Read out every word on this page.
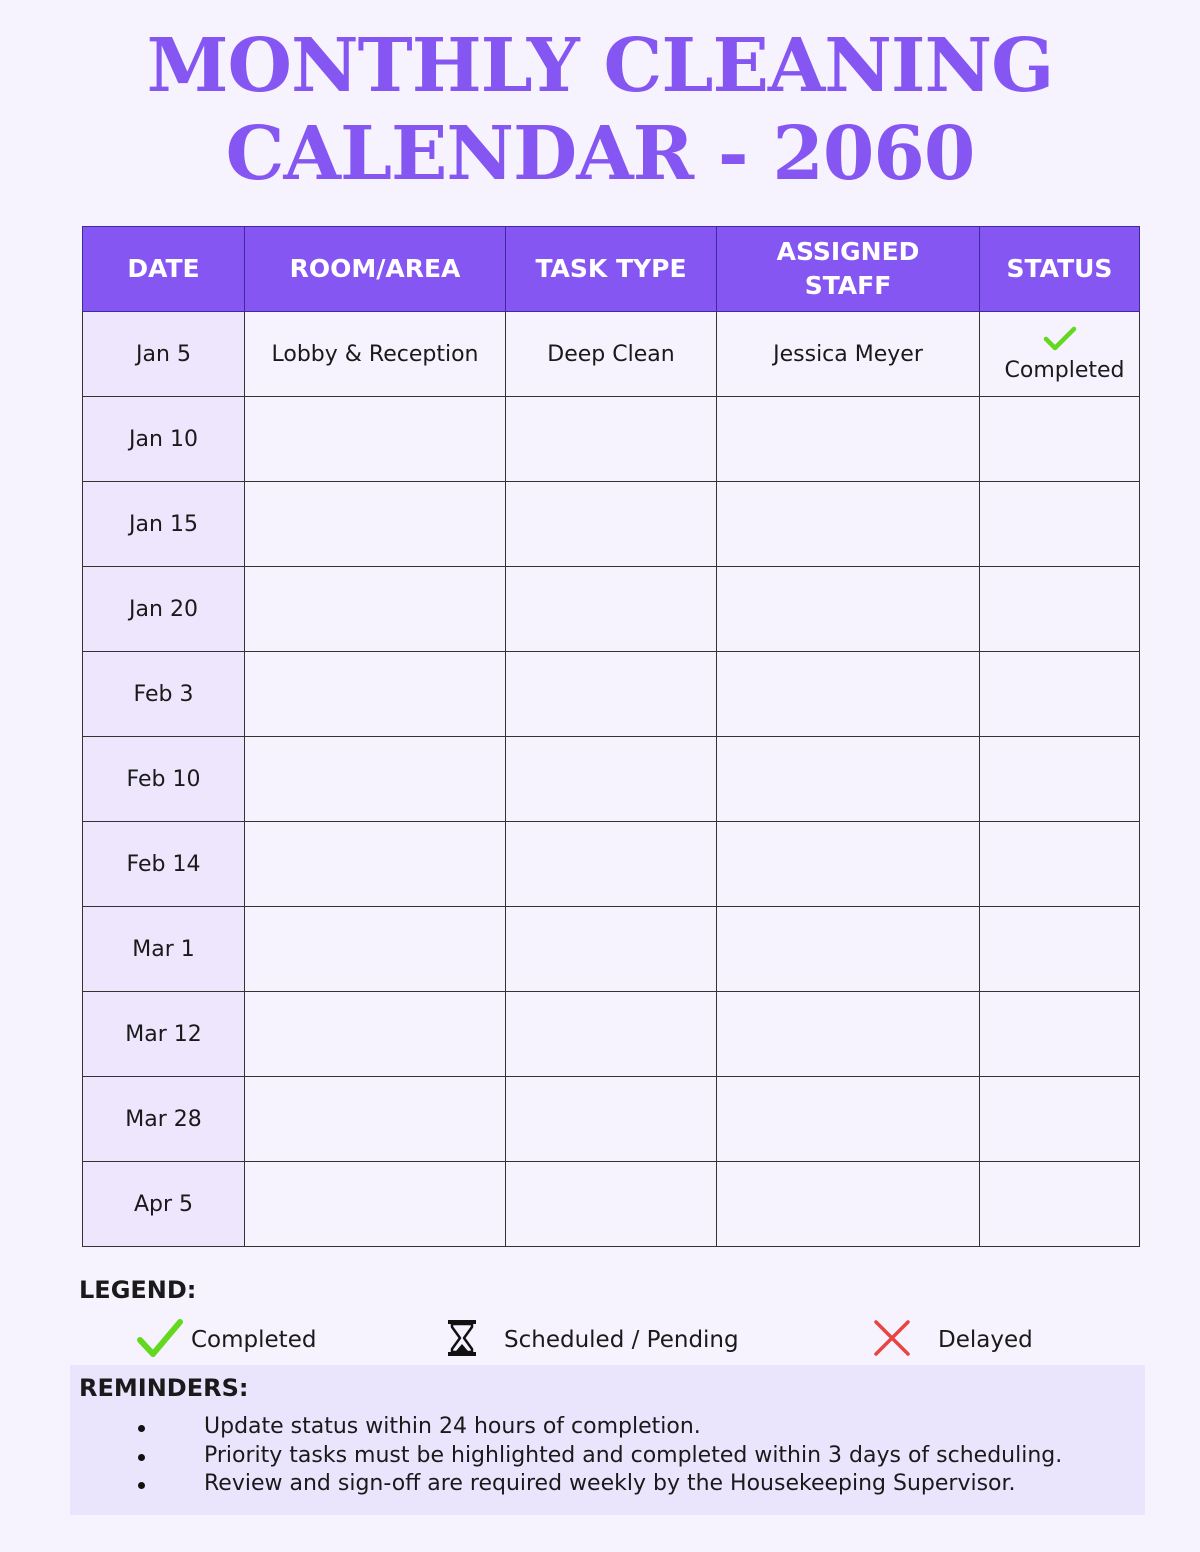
MONTHLY CLEANING
CALENDAR - 2060
DATE	ROOM/AREA	TASK TYPE	ASSIGNED STAFF	STATUS
Jan 5	Lobby & Reception	Deep Clean	Jessica Meyer	Completed

Jan 10				
Jan 15				
Jan 20				
Feb 3				
Feb 10				
Feb 14				
Mar 1				
Mar 12				
Mar 28				
Apr 5				
LEGEND:
Completed	Scheduled / Pending	Delayed
REMINDERS:
Update status within 24 hours of completion.
Priority tasks must be highlighted and completed within 3 days of scheduling.
Review and sign-off are required weekly by the Housekeeping Supervisor.
